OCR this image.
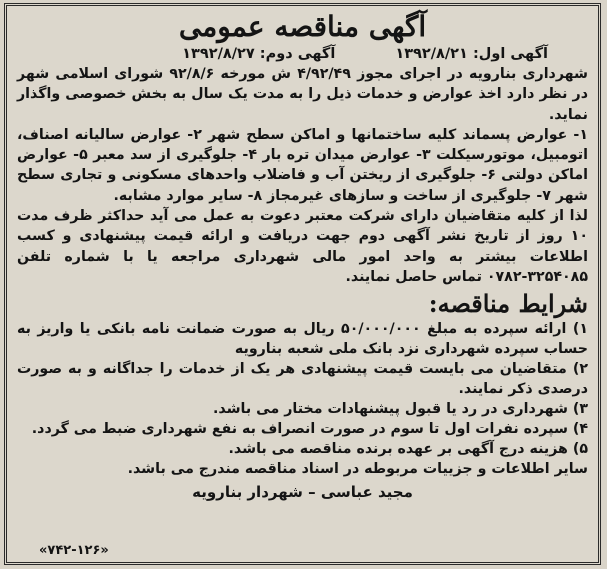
آگهی مناقصه عمومی
آگهی اول: ۱۳۹۲/۸/۲۱
آگهی دوم: ۱۳۹۲/۸/۲۷

شهرداری بنارویه در اجرای مجوز ۴/۹۲/۴۹ ش مورخه ۹۲/۸/۶ شورای اسلامی شهر در نظر دارد اخذ عوارض و خدمات ذیل را به مدت یک سال به بخش خصوصی واگذار نماید.

۱- عوارض پسماند کلیه ساختمانها و اماکن سطح شهر ۲- عوارض سالیانه اصناف، اتومبیل، موتورسیکلت ۳- عوارض میدان تره بار ۴- جلوگیری از سد معبر ۵- عوارض اماکن دولتی ۶- جلوگیری از ریختن آب و فاضلاب واحدهای مسکونی و تجاری سطح شهر ۷- جلوگیری از ساخت و سازهای غیرمجاز ۸- سایر موارد مشابه.

لذا از کلیه متقاضیان دارای شرکت معتبر دعوت به عمل می آید حداکثر ظرف مدت ۱۰ روز از تاریخ نشر آگهی دوم جهت دریافت و ارائه قیمت پیشنهادی و کسب اطلاعات بیشتر به واحد امور مالی شهرداری مراجعه یا با شماره تلفن ۳۲۵۴۰۸۵-۰۷۸۲ تماس حاصل نمایند.

شرایط مناقصه:

۱) ارائه سپرده به مبلغ ۵۰/۰۰۰/۰۰۰ ریال به صورت ضمانت نامه بانکی یا واریز به حساب سپرده شهرداری نزد بانک ملی شعبه بنارویه

۲) متقاضیان می بایست قیمت پیشنهادی هر یک از خدمات را جداگانه و به صورت درصدی ذکر نمایند.

۳) شهرداری در رد یا قبول پیشنهادات مختار می باشد.

۴) سپرده نفرات اول تا سوم در صورت انصراف به نفع شهرداری ضبط می گردد.

۵) هزینه درج آگهی بر عهده برنده مناقصه می باشد.

سایر اطلاعات و جزییات مربوطه در اسناد مناقصه مندرج می باشد.

مجید عباسی – شهردار بنارویه
«۷۴۲-۱۲۶»
